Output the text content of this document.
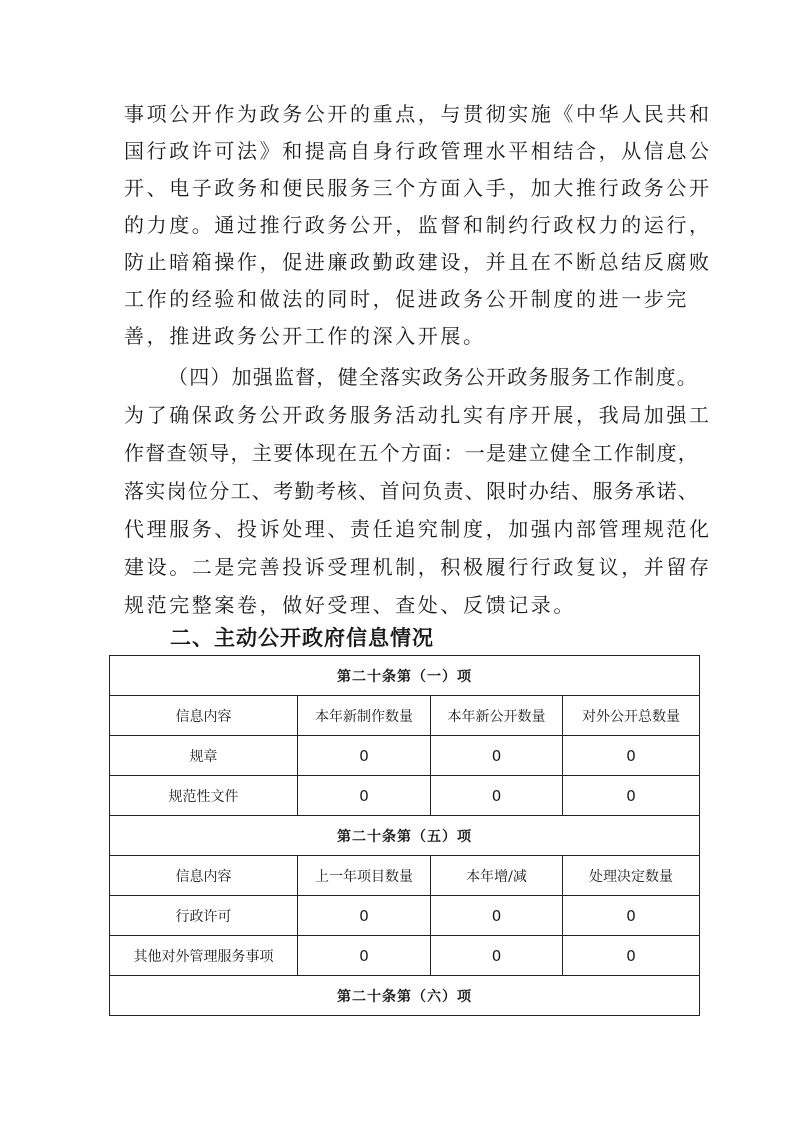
事项公开作为政务公开的重点，与贯彻实施《中华人民共和
国行政许可法》和提高自身行政管理水平相结合，从信息公
开、电子政务和便民服务三个方面入手，加大推行政务公开
的力度。通过推行政务公开，监督和制约行政权力的运行，
防止暗箱操作，促进廉政勤政建设，并且在不断总结反腐败
工作的经验和做法的同时，促进政务公开制度的进一步完
善，推进政务公开工作的深入开展。
（四）加强监督，健全落实政务公开政务服务工作制度。
为了确保政务公开政务服务活动扎实有序开展，我局加强工
作督查领导，主要体现在五个方面：一是建立健全工作制度，
落实岗位分工、考勤考核、首问负责、限时办结、服务承诺、
代理服务、投诉处理、责任追究制度，加强内部管理规范化
建设。二是完善投诉受理机制，积极履行行政复议，并留存
规范完整案卷，做好受理、查处、反馈记录。
二、主动公开政府信息情况
第二十条第（一）项			
信息内容	本年新制作数量	本年新公开数量	对外公开总数量
规章	0	0	0
规范性文件	0	0	0
第二十条第（五）项			
信息内容	上一年项目数量	本年增/减	处理决定数量
行政许可	0	0	0
其他对外管理服务事项	0	0	0
第二十条第（六）项			
